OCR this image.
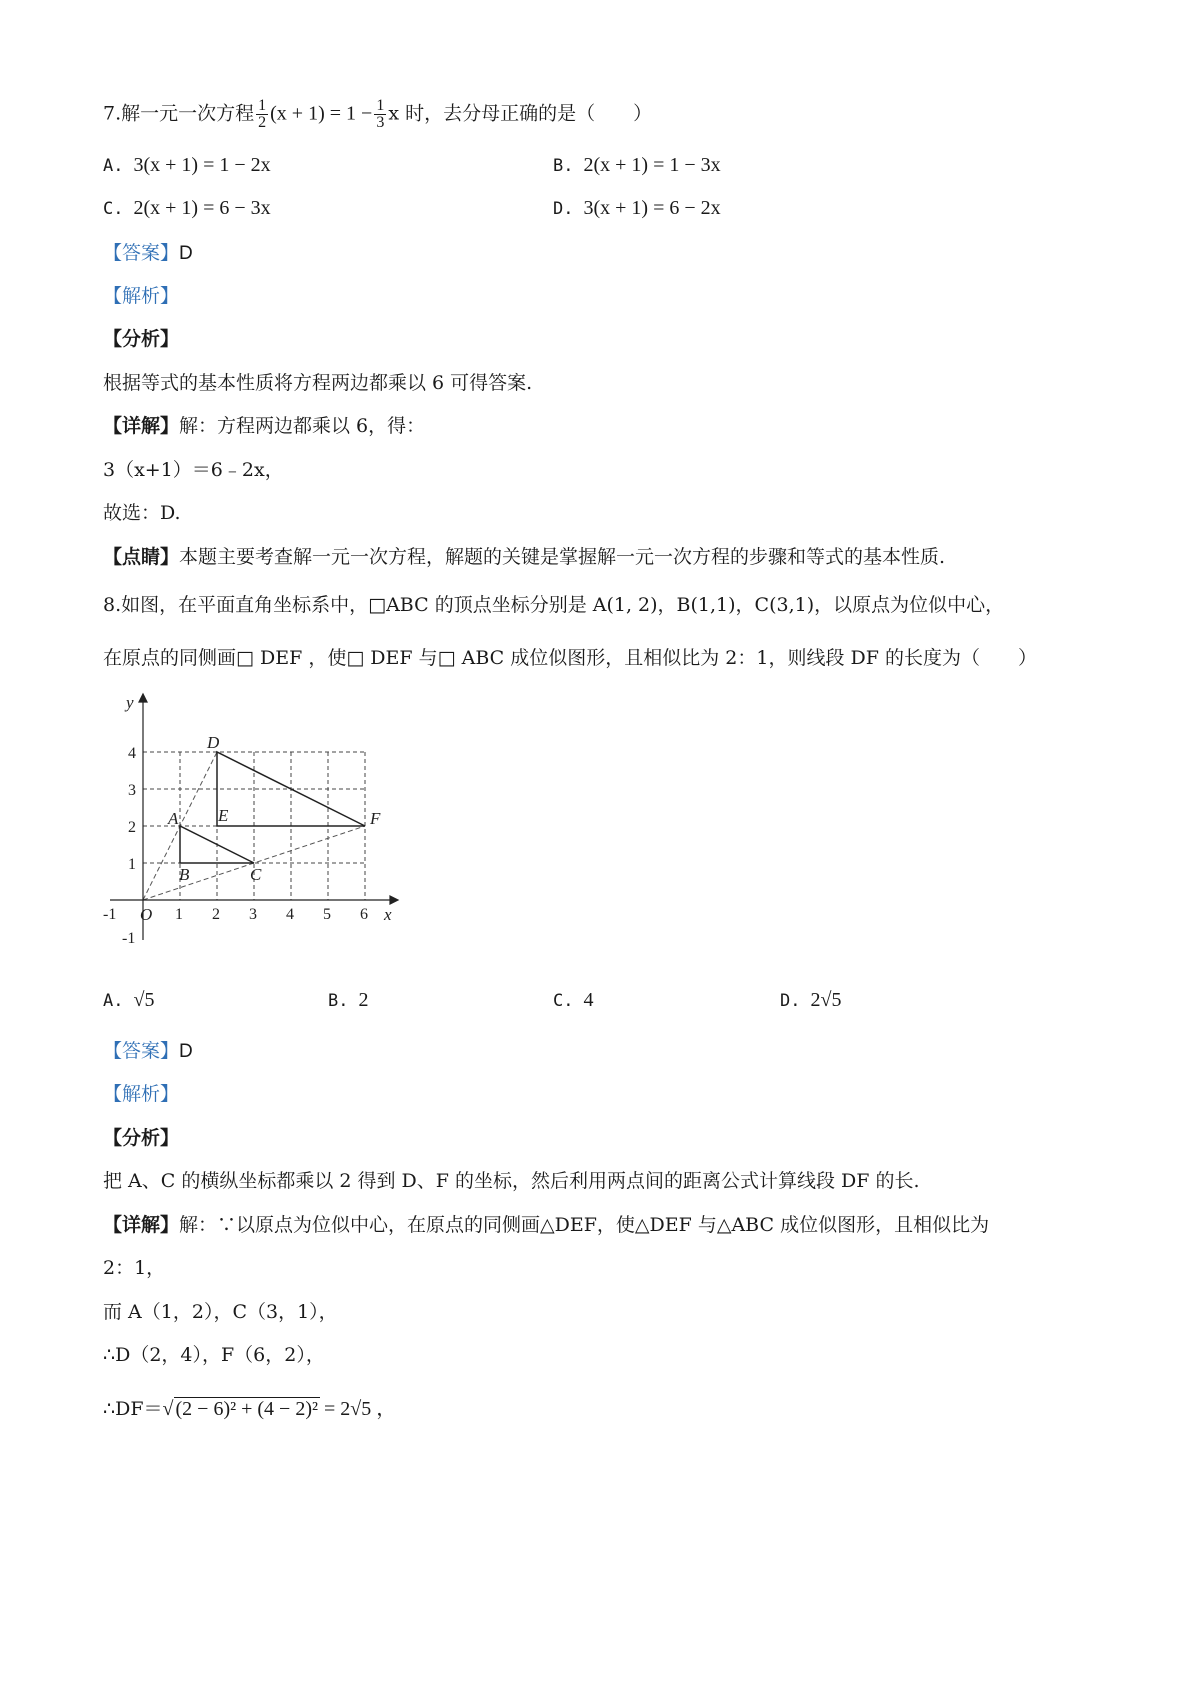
7.解一元一次方程 $\frac{1}{2} (x + 1) = 1 - \frac{1}{3}$ x 时，去分母正确的是（　　）
A. 3(x + 1) = 1 − 2x	B. 2(x + 1) = 1 − 3x
C. 2(x + 1) = 6 − 3x	D. 3(x + 1) = 6 − 2x
【答案】D
【解析】
【分析】
根据等式的基本性质将方程两边都乘以 6 可得答案.
【详解】解：方程两边都乘以 6，得：
3（x+1）＝6﹣2x，
故选：D.
【点睛】本题主要考查解一元一次方程，解题的关键是掌握解一元一次方程的步骤和等式的基本性质.
8.如图，在平面直角坐标系中，□ABC 的顶点坐标分别是 A(1, 2)，B(1,1)，C(3,1)，以原点为位似中心，
在原点的同侧画□ DEF ，使□ DEF 与□ ABC 成位似图形，且相似比为 2：1，则线段 DF 的长度为（　　）
y
x
O
A
B	C
D
E	F
-1	1 2 3 4 5 6
1
2
3
4
-1
A. √5	B. 2	C. 4	D. 2√5
【答案】D
【解析】
【分析】
把 A、C 的横纵坐标都乘以 2 得到 D、F 的坐标，然后利用两点间的距离公式计算线段 DF 的长.
【详解】解：∵以原点为位似中心，在原点的同侧画△DEF，使△DEF 与△ABC 成位似图形，且相似比为
2：1，
而 A（1，2），C（3，1），
∴D（2，4），F（6，2），
∴DF＝√ (2 − 6)² + (4 − 2)² = 2√5 ，
